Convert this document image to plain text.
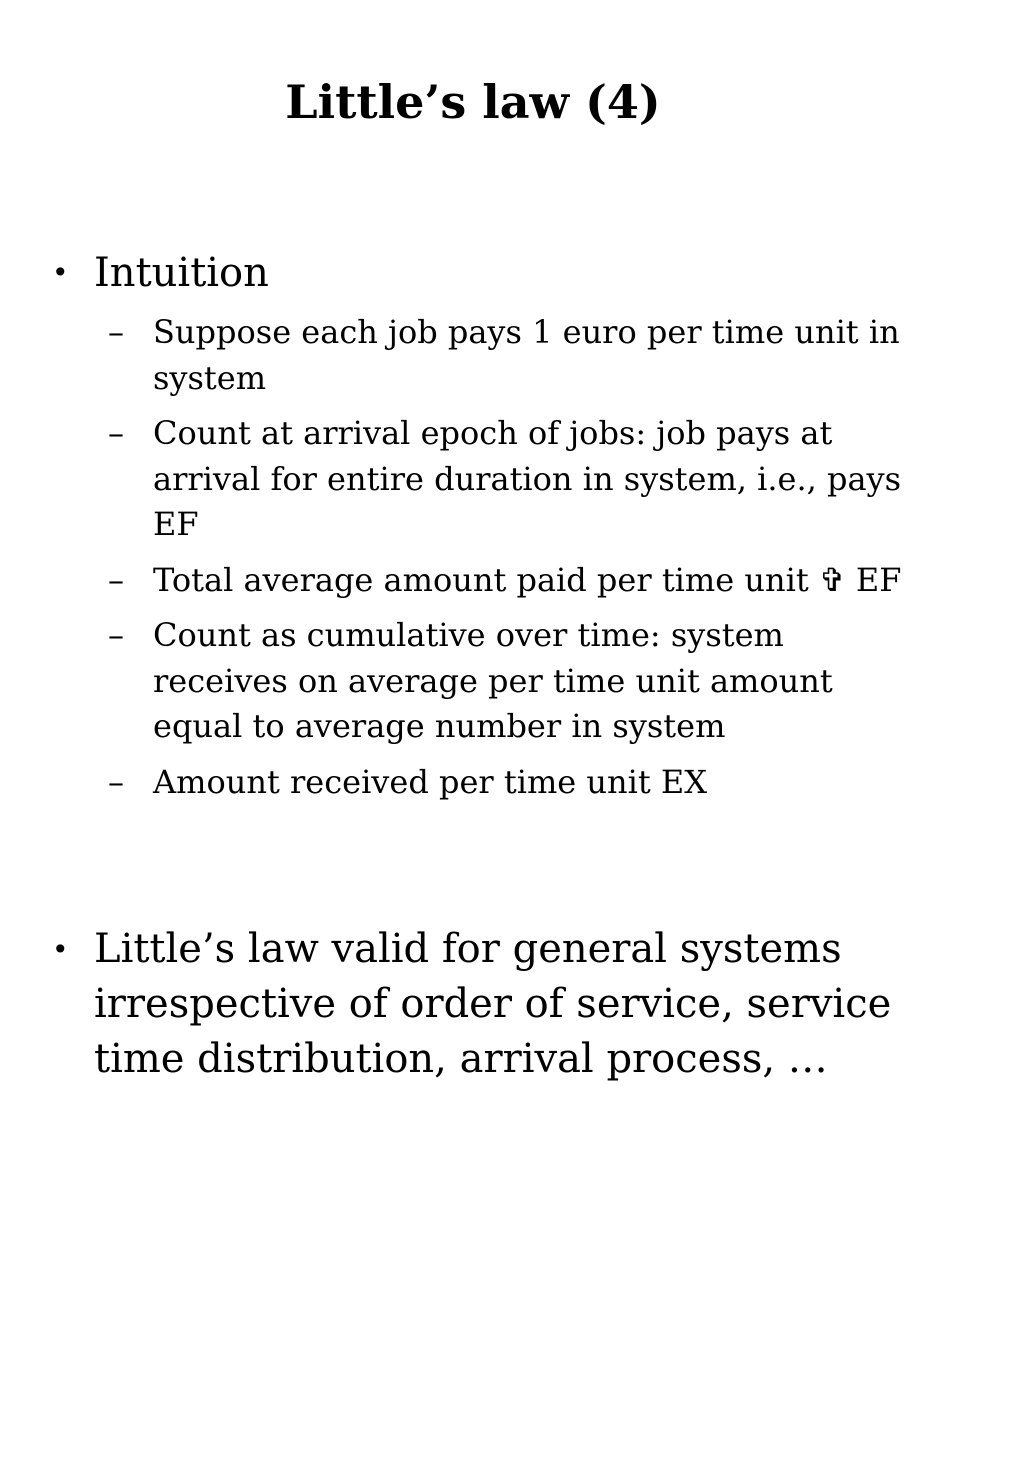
Little’s law (4)
• Intuition
– Suppose each job pays 1 euro per time unit in system
– Count at arrival epoch of jobs: job pays at arrival for entire duration in system, i.e., pays EF
– Total average amount paid per time unit ✞ EF
– Count as cumulative over time: system receives on average per time unit amount equal to average number in system
– Amount received per time unit EX
• Little’s law valid for general systems irrespective of order of service, service time distribution, arrival process, …
